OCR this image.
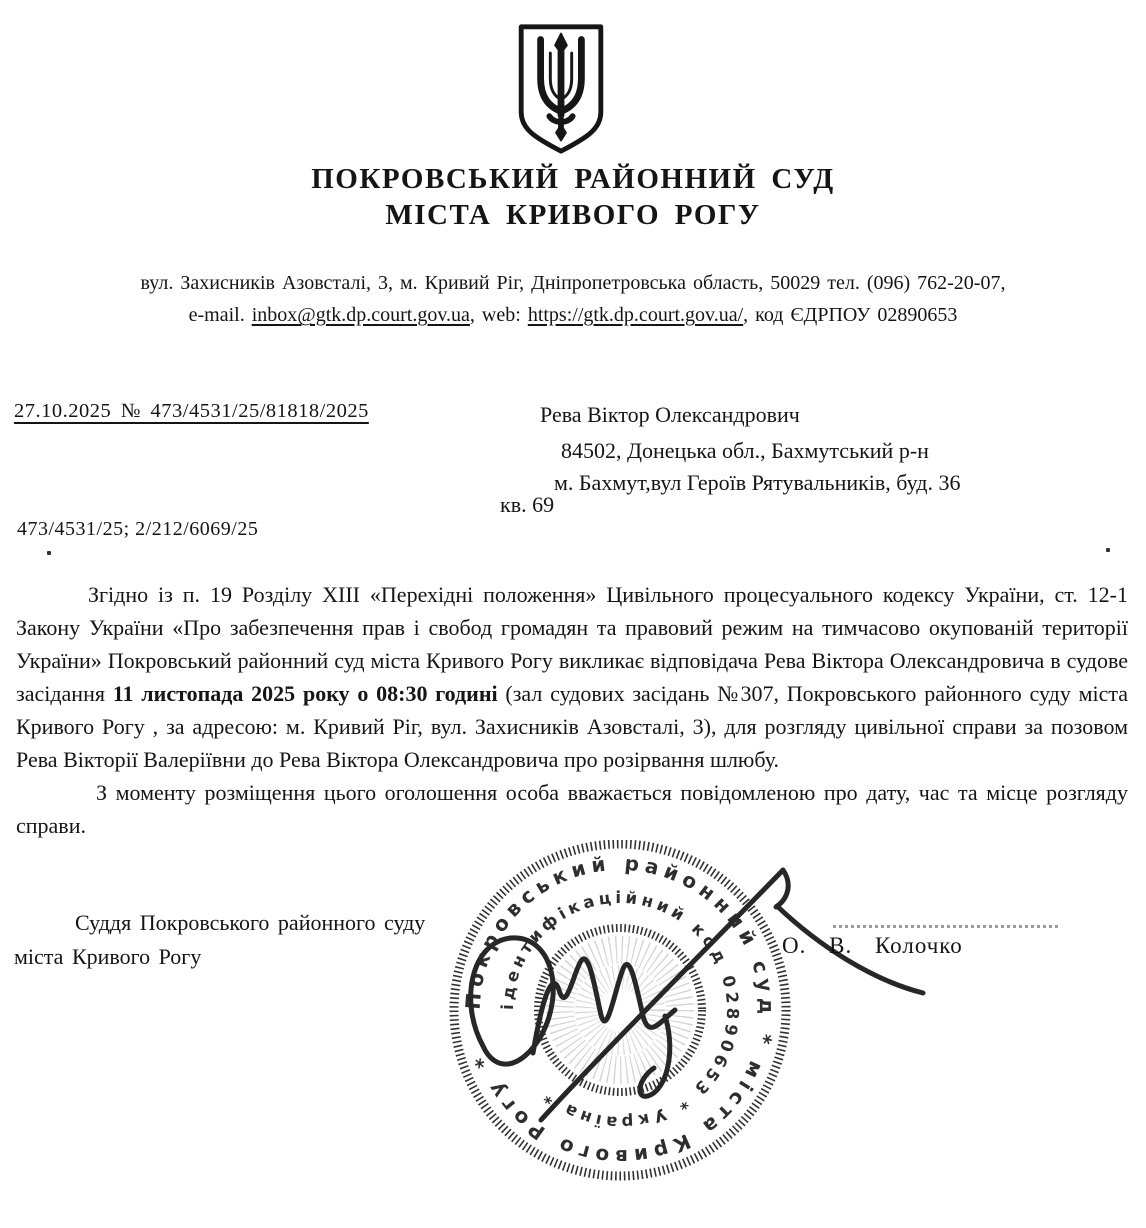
ПОКРОВСЬКИЙ РАЙОННИЙ СУД
МІСТА КРИВОГО РОГУ
вул. Захисників Азовсталі, 3, м. Кривий Ріг, Дніпропетровська область, 50029 тел. (096) 762-20-07,
e-mail. inbox@gtk.dp.court.gov.ua, web: https://gtk.dp.court.gov.ua/, код ЄДРПОУ 02890653
27.10.2025 № 473/4531/25/81818/2025	Рева Віктор Олександрович
84502, Донецька обл., Бахмутський р-н
м. Бахмут,вул Героїв Рятувальників, буд. 36
кв. 69
473/4531/25; 2/212/6069/25

Згідно із п. 19 Розділу XIII «Перехідні положення» Цивільного процесуального кодексу України, ст. 12-1 Закону України «Про забезпечення прав і свобод громадян та правовий режим на тимчасово окупованій території України» Покровський районний суд міста Кривого Рогу викликає відповідача Рева Віктора Олександровича в судове засідання 11 листопада 2025 року о 08:30 годині (зал судових засідань №307, Покровського районного суду міста Кривого Рогу , за адресою: м. Кривий Ріг, вул. Захисників Азовсталі, 3), для розгляду цивільної справи за позовом Рева Вікторії Валеріївни до Рева Віктора Олександровича про розірвання шлюбу.

З моменту розміщення цього оголошення особа вважається повідомленою про дату, час та місце розгляду справи.

Суддя Покровського районного суду
міста Кривого Рогу	О. В. Колочко
Покровський районний суд * міста Кривого Рогу *
ідентифікаційний код 02890653 * Україна *
